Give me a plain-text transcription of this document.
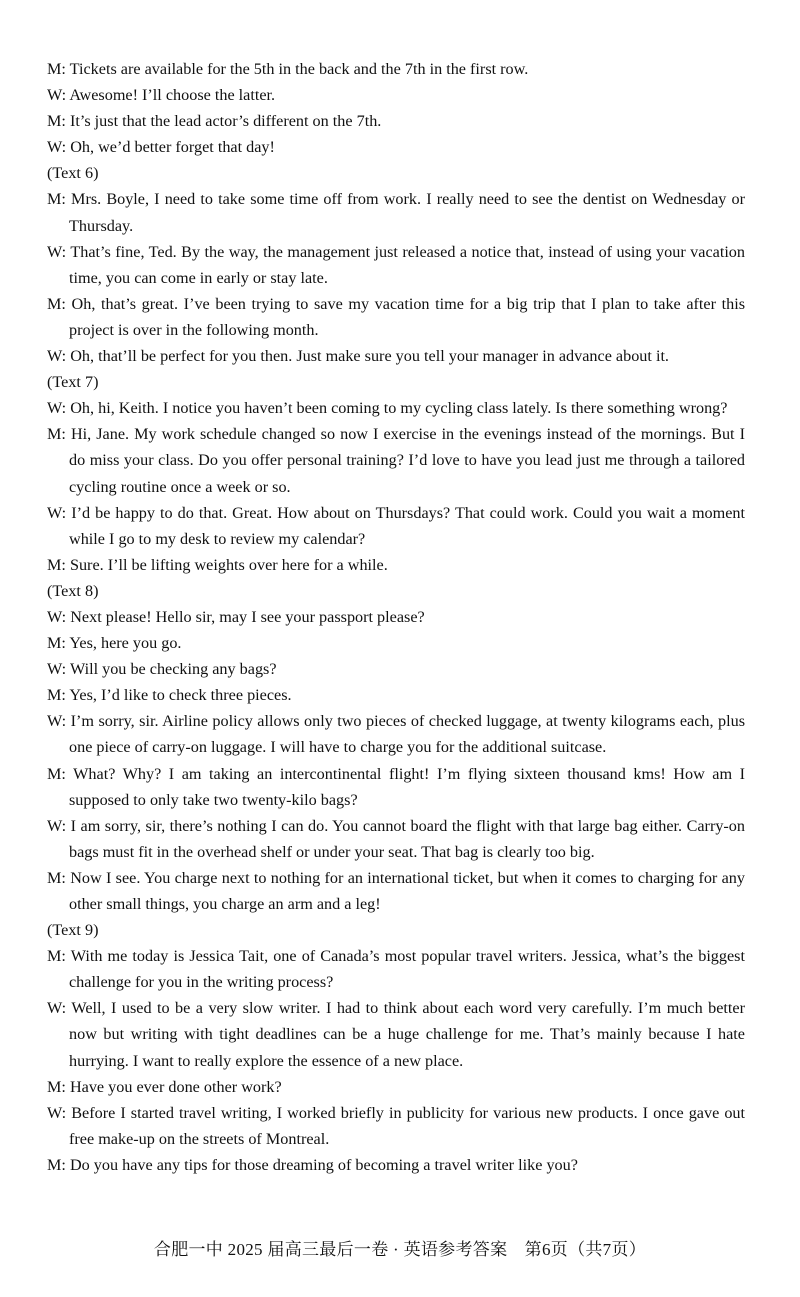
M: Tickets are available for the 5th in the back and the 7th in the first row.

W: Awesome! I’ll choose the latter.

M: It’s just that the lead actor’s different on the 7th.

W: Oh, we’d better forget that day!

(Text 6)

M: Mrs. Boyle, I need to take some time off from work. I really need to see the dentist on Wednesday or Thursday.

W: That’s fine, Ted. By the way, the management just released a notice that, instead of using your vacation time, you can come in early or stay late.

M: Oh, that’s great. I’ve been trying to save my vacation time for a big trip that I plan to take after this project is over in the following month.

W: Oh, that’ll be perfect for you then. Just make sure you tell your manager in advance about it.

(Text 7)

W: Oh, hi, Keith. I notice you haven’t been coming to my cycling class lately. Is there something wrong?

M: Hi, Jane. My work schedule changed so now I exercise in the evenings instead of the mornings. But I do miss your class. Do you offer personal training? I’d love to have you lead just me through a tailored cycling routine once a week or so.

W: I’d be happy to do that. Great. How about on Thursdays? That could work. Could you wait a moment while I go to my desk to review my calendar?

M: Sure. I’ll be lifting weights over here for a while.

(Text 8)

W: Next please! Hello sir, may I see your passport please?

M: Yes, here you go.

W: Will you be checking any bags?

M: Yes, I’d like to check three pieces.

W: I’m sorry, sir. Airline policy allows only two pieces of checked luggage, at twenty kilograms each, plus one piece of carry-on luggage. I will have to charge you for the additional suitcase.

M: What? Why? I am taking an intercontinental flight! I’m flying sixteen thousand kms! How am I supposed to only take two twenty-kilo bags?

W: I am sorry, sir, there’s nothing I can do. You cannot board the flight with that large bag either. Carry-on bags must fit in the overhead shelf or under your seat. That bag is clearly too big.

M: Now I see. You charge next to nothing for an international ticket, but when it comes to charging for any other small things, you charge an arm and a leg!

(Text 9)

M: With me today is Jessica Tait, one of Canada’s most popular travel writers. Jessica, what’s the biggest challenge for you in the writing process?

W: Well, I used to be a very slow writer. I had to think about each word very carefully. I’m much better now but writing with tight deadlines can be a huge challenge for me. That’s mainly because I hate hurrying. I want to really explore the essence of a new place.

M: Have you ever done other work?

W: Before I started travel writing, I worked briefly in publicity for various new products. I once gave out free make-up on the streets of Montreal.

M: Do you have any tips for those dreaming of becoming a travel writer like you?

合肥一中 2025 届高三最后一卷 · 英语参考答案　第6页（共7页）
